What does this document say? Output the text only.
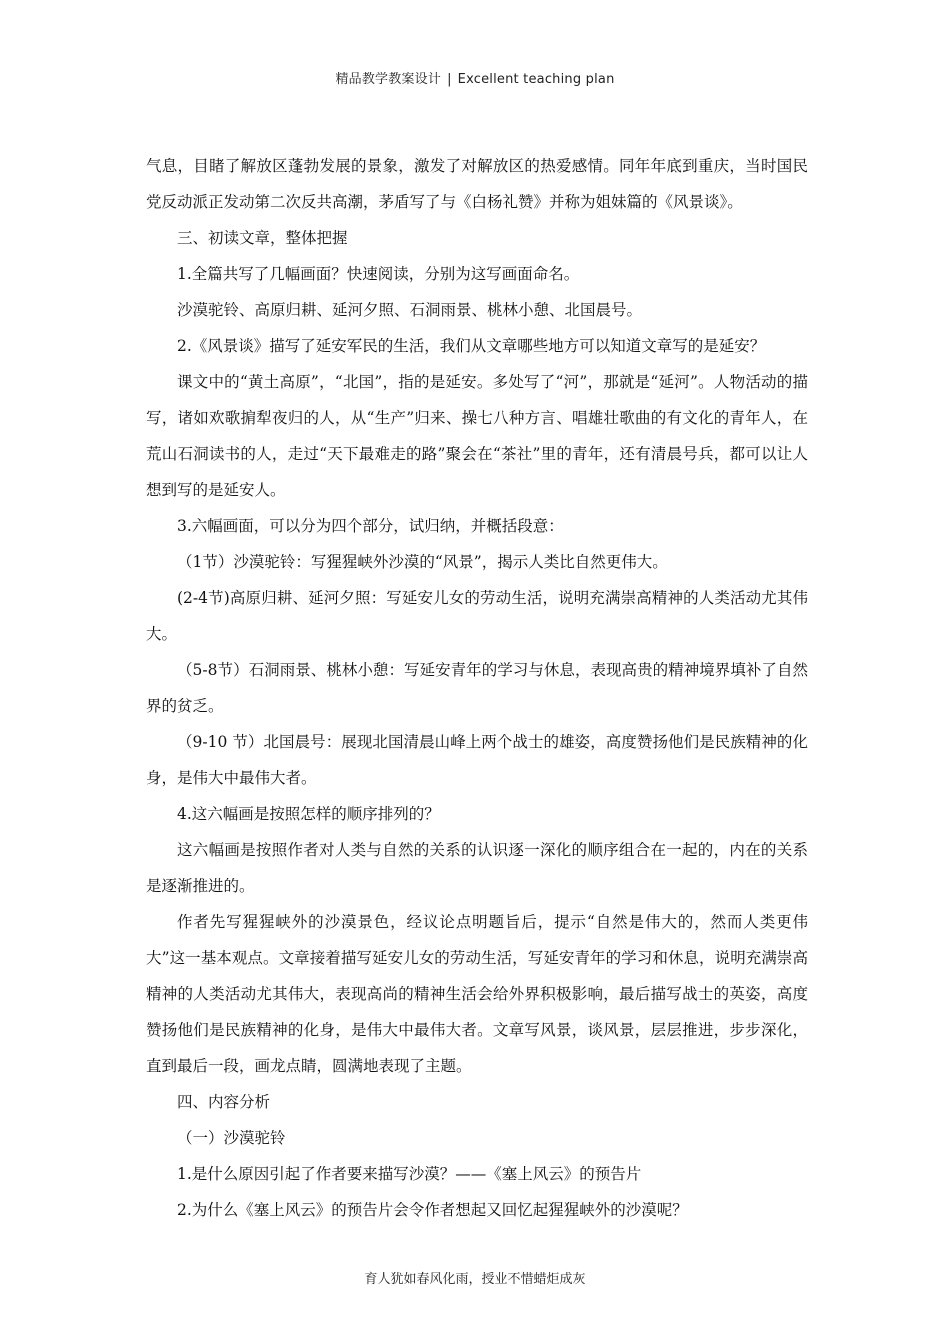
精品教学教案设计 | Excellent teaching plan

气息，目睹了解放区蓬勃发展的景象，激发了对解放区的热爱感情。同年年底到重庆，当时国民党反动派正发动第二次反共高潮，茅盾写了与《白杨礼赞》并称为姐妹篇的《风景谈》。

三、初读文章，整体把握

1.全篇共写了几幅画面？快速阅读，分别为这写画面命名。

沙漠驼铃、高原归耕、延河夕照、石洞雨景、桃林小憩、北国晨号。

2.《风景谈》描写了延安军民的生活，我们从文章哪些地方可以知道文章写的是延安？

课文中的“黄土高原”，“北国”，指的是延安。多处写了“河”，那就是“延河”。人物活动的描写，诸如欢歌掮犁夜归的人，从“生产”归来、操七八种方言、唱雄壮歌曲的有文化的青年人，在荒山石洞读书的人，走过“天下最难走的路”聚会在“茶社”里的青年，还有清晨号兵，都可以让人想到写的是延安人。

3.六幅画面，可以分为四个部分，试归纳，并概括段意：

（1节）沙漠驼铃：写猩猩峡外沙漠的“风景”，揭示人类比自然更伟大。

(2-4节)高原归耕、延河夕照：写延安儿女的劳动生活，说明充满崇高精神的人类活动尤其伟大。

（5-8节）石洞雨景、桃林小憩：写延安青年的学习与休息，表现高贵的精神境界填补了自然界的贫乏。

（9-10 节）北国晨号：展现北国清晨山峰上两个战士的雄姿，高度赞扬他们是民族精神的化身，是伟大中最伟大者。

4.这六幅画是按照怎样的顺序排列的？

这六幅画是按照作者对人类与自然的关系的认识逐一深化的顺序组合在一起的，内在的关系是逐渐推进的。

作者先写猩猩峡外的沙漠景色，经议论点明题旨后，提示“自然是伟大的，然而人类更伟大”这一基本观点。文章接着描写延安儿女的劳动生活，写延安青年的学习和休息，说明充满崇高精神的人类活动尤其伟大，表现高尚的精神生活会给外界积极影响，最后描写战士的英姿，高度赞扬他们是民族精神的化身，是伟大中最伟大者。文章写风景，谈风景，层层推进，步步深化，直到最后一段，画龙点睛，圆满地表现了主题。

四、内容分析

（一）沙漠驼铃

1.是什么原因引起了作者要来描写沙漠？——《塞上风云》的预告片

2.为什么《塞上风云》的预告片会令作者想起又回忆起猩猩峡外的沙漠呢？

育人犹如春风化雨，授业不惜蜡炬成灰
